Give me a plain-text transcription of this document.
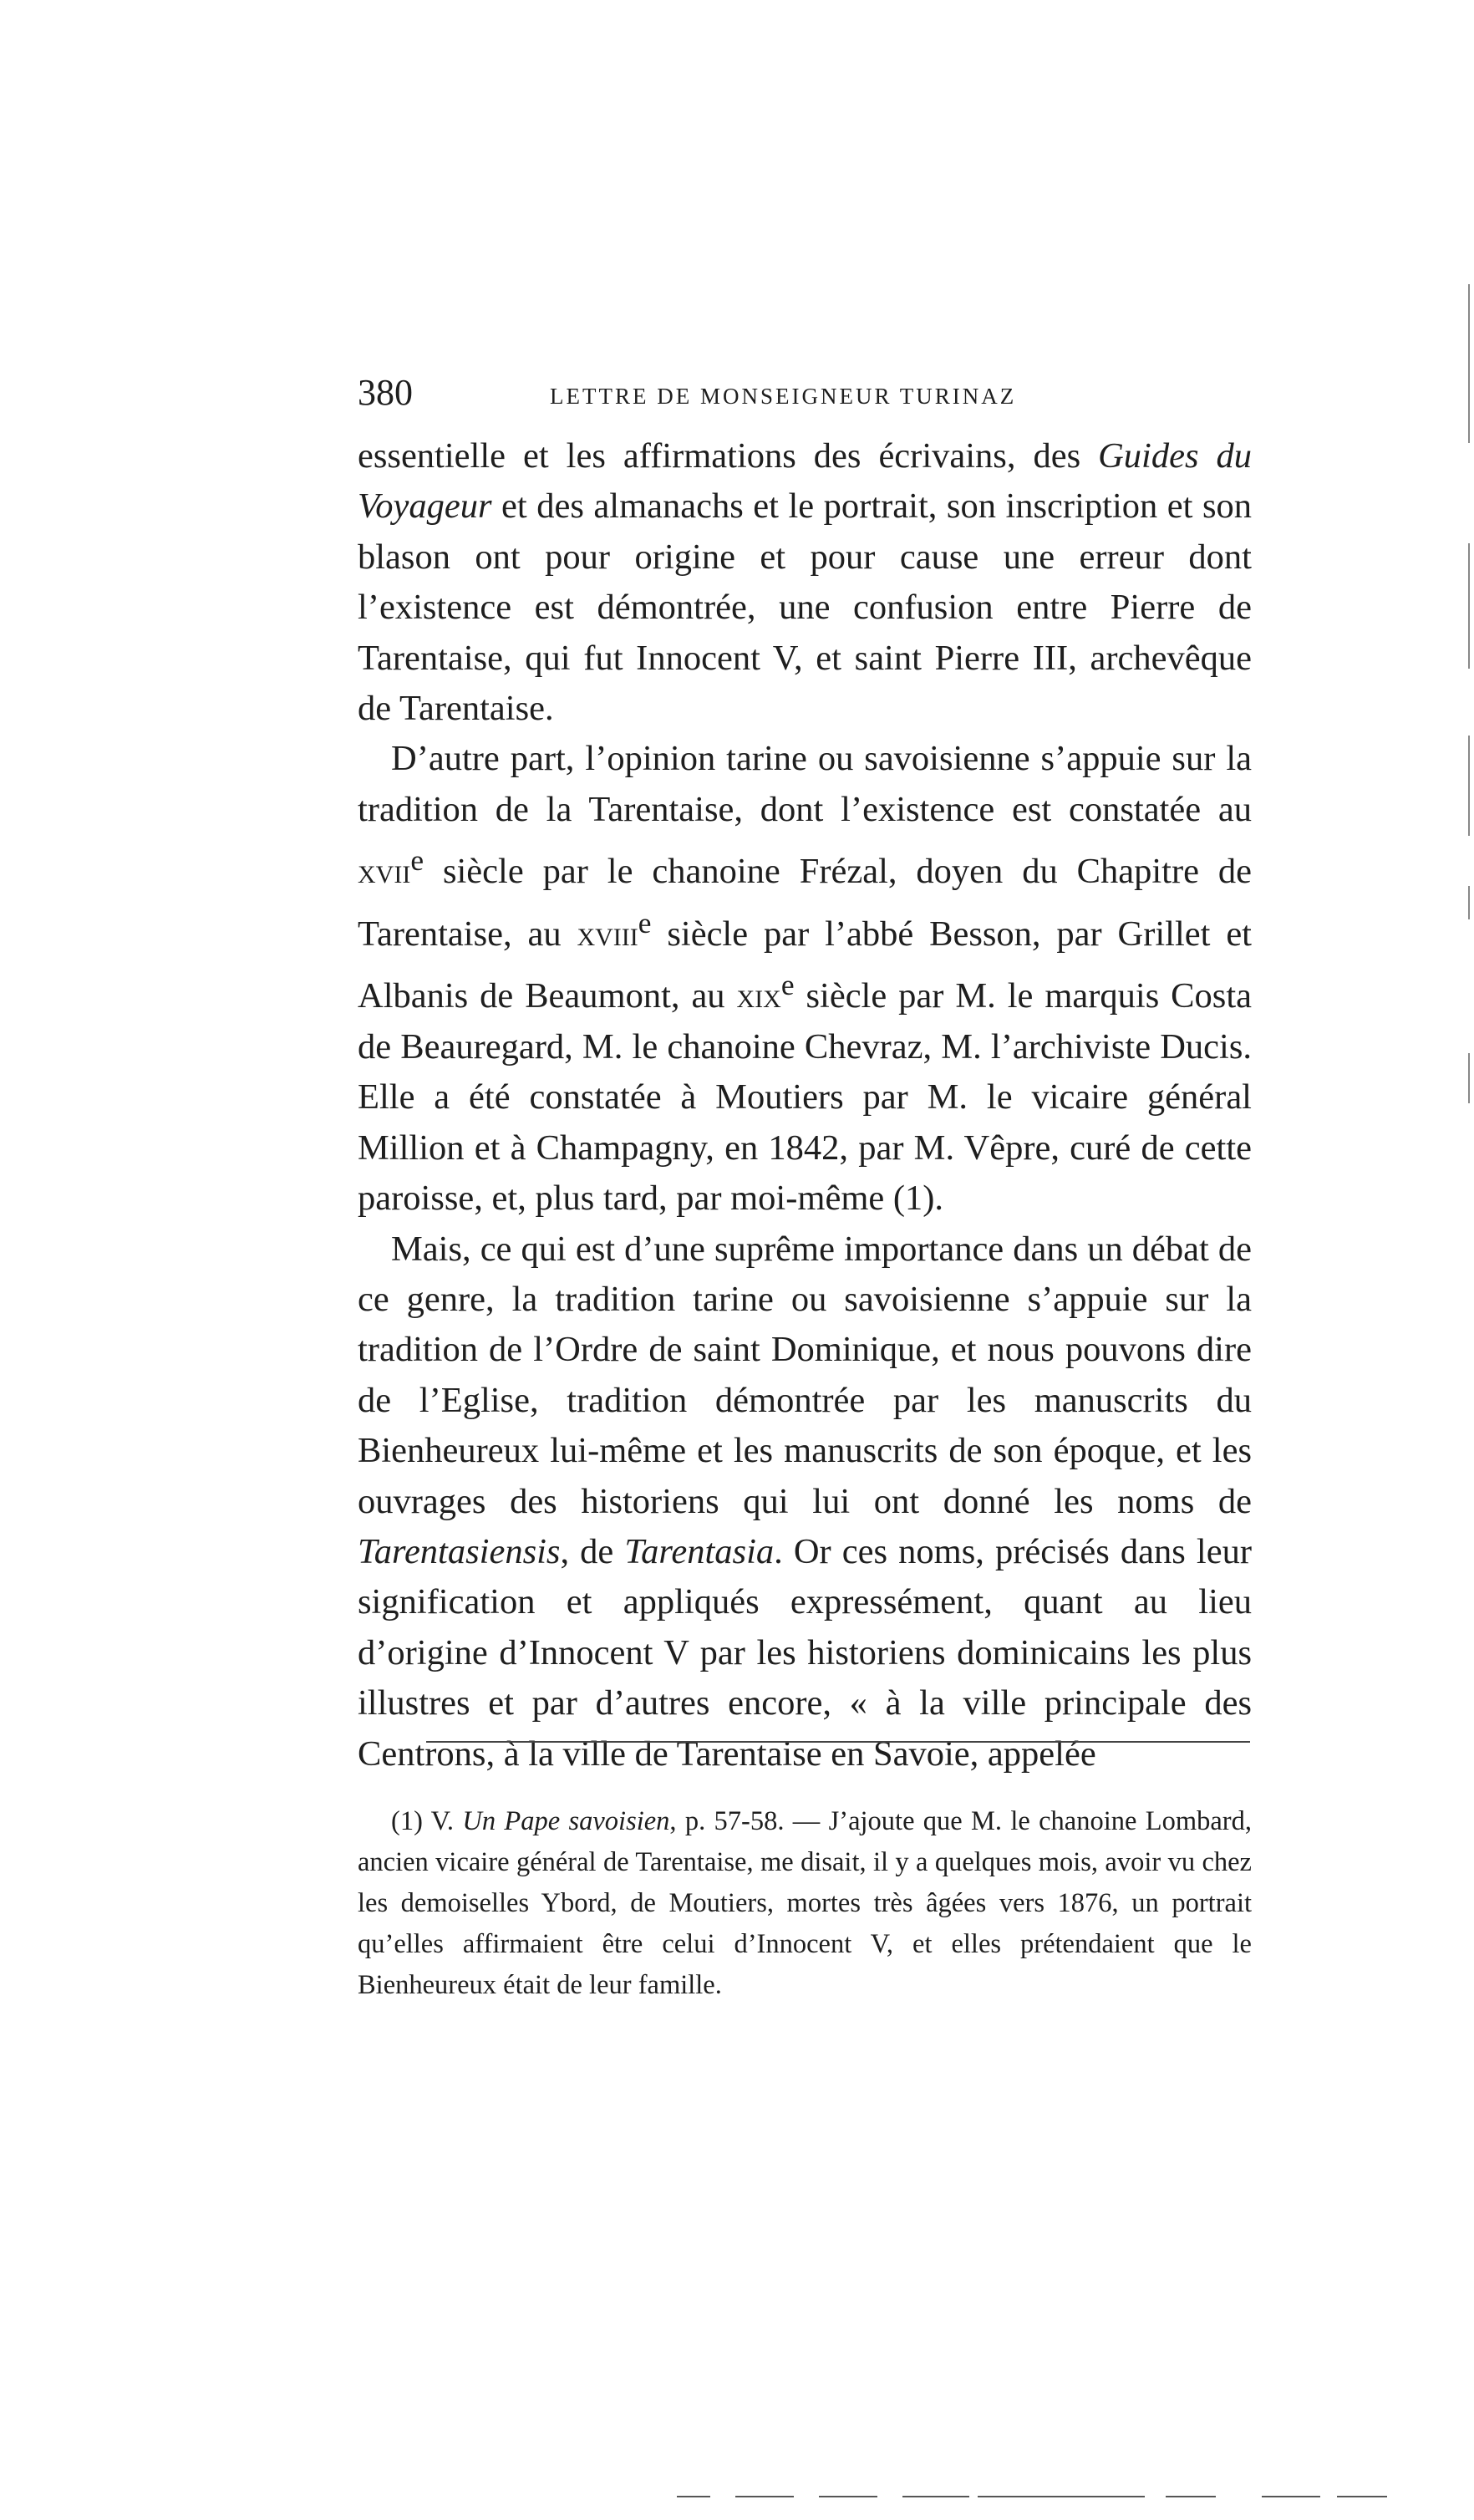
380	LETTRE DE MONSEIGNEUR TURINAZ

essentielle et les affirmations des écrivains, des Guides du Voyageur et des almanachs et le portrait, son inscription et son blason ont pour origine et pour cause une erreur dont l’existence est démontrée, une confusion entre Pierre de Tarentaise, qui fut Innocent V, et saint Pierre III, archevêque de Tarentaise.

D’autre part, l’opinion tarine ou savoisienne s’appuie sur la tradition de la Tarentaise, dont l’existence est constatée au xvii$^e$ siècle par le chanoine Frézal, doyen du Chapitre de Tarentaise, au xviii$^e$ siècle par l’abbé Besson, par Grillet et Albanis de Beaumont, au xix$^e$ siècle par M. le marquis Costa de Beauregard, M. le chanoine Chevraz, M. l’archiviste Ducis. Elle a été constatée à Moutiers par M. le vicaire général Million et à Champagny, en 1842, par M. Vêpre, curé de cette paroisse, et, plus tard, par moi-même (1).

Mais, ce qui est d’une suprême importance dans un débat de ce genre, la tradition tarine ou savoisienne s’appuie sur la tradition de l’Ordre de saint Dominique, et nous pouvons dire de l’Eglise, tradition démontrée par les manuscrits du Bienheureux lui-même et les manuscrits de son époque, et les ouvrages des historiens qui lui ont donné les noms de Tarentasiensis, de Tarentasia. Or ces noms, précisés dans leur signification et appliqués expressément, quant au lieu d’origine d’Innocent V par les historiens dominicains les plus illustres et par d’autres encore, « à la ville principale des Centrons, à la ville de Tarentaise en Savoie, appelée

(1) V. Un Pape savoisien, p. 57-58. — J’ajoute que M. le chanoine Lombard, ancien vicaire général de Tarentaise, me disait, il y a quelques mois, avoir vu chez les demoiselles Ybord, de Moutiers, mortes très âgées vers 1876, un portrait qu’elles affirmaient être celui d’Innocent V, et elles prétendaient que le Bienheureux était de leur famille.
